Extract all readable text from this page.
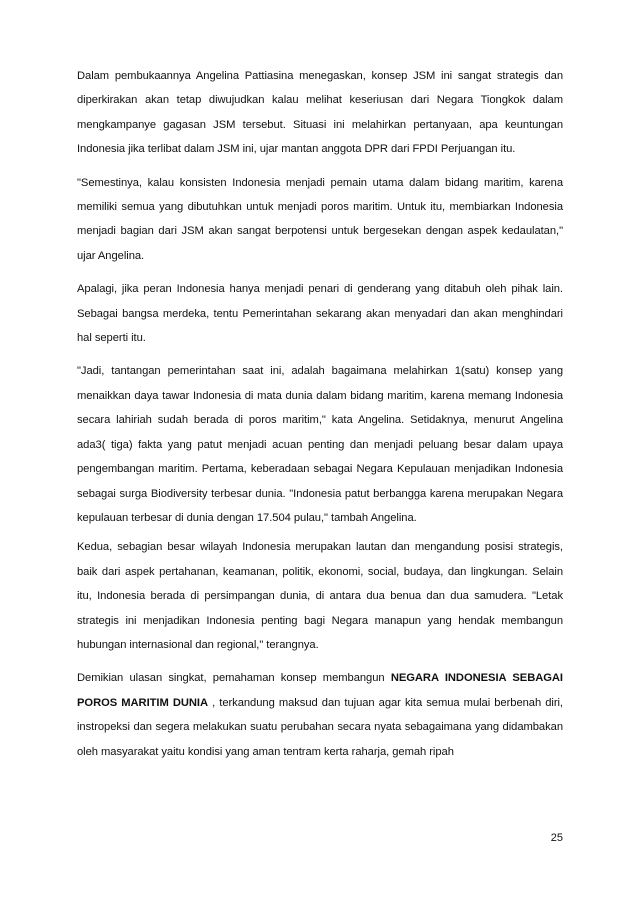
Dalam pembukaannya Angelina Pattiasina menegaskan, konsep JSM ini sangat strategis dan diperkirakan akan tetap diwujudkan kalau melihat keseriusan dari Negara Tiongkok dalam mengkampanye gagasan JSM tersebut. Situasi ini melahirkan pertanyaan, apa keuntungan Indonesia jika terlibat dalam JSM ini, ujar mantan anggota DPR dari FPDI Perjuangan itu.

"Semestinya, kalau konsisten Indonesia menjadi pemain utama dalam bidang maritim, karena memiliki semua yang dibutuhkan untuk menjadi poros maritim. Untuk itu, membiarkan Indonesia menjadi bagian dari JSM akan sangat berpotensi untuk bergesekan dengan aspek kedaulatan," ujar Angelina.

Apalagi, jika peran Indonesia hanya menjadi penari di genderang yang ditabuh oleh pihak lain. Sebagai bangsa merdeka, tentu Pemerintahan sekarang akan menyadari dan akan menghindari hal seperti itu.

"Jadi, tantangan pemerintahan saat ini, adalah bagaimana melahirkan 1(satu) konsep yang menaikkan daya tawar Indonesia di mata dunia dalam bidang maritim, karena memang Indonesia secara lahiriah sudah berada di poros maritim," kata Angelina. Setidaknya, menurut Angelina ada3( tiga) fakta yang patut menjadi acuan penting dan menjadi peluang besar dalam upaya pengembangan maritim. Pertama, keberadaan sebagai Negara Kepulauan menjadikan Indonesia sebagai surga Biodiversity terbesar dunia. "Indonesia patut berbangga karena merupakan Negara kepulauan terbesar di dunia dengan 17.504 pulau," tambah Angelina.

Kedua, sebagian besar wilayah Indonesia merupakan lautan dan mengandung posisi strategis, baik dari aspek pertahanan, keamanan, politik, ekonomi, social, budaya, dan lingkungan. Selain itu, Indonesia berada di persimpangan dunia, di antara dua benua dan dua samudera. "Letak strategis ini menjadikan Indonesia penting bagi Negara manapun yang hendak membangun hubungan internasional dan regional," terangnya.

Demikian ulasan singkat, pemahaman konsep membangun NEGARA INDONESIA SEBAGAI POROS MARITIM DUNIA , terkandung maksud dan tujuan agar kita semua mulai berbenah diri, instropeksi dan segera melakukan suatu perubahan secara nyata sebagaimana yang didambakan oleh masyarakat yaitu kondisi yang aman tentram kerta raharja, gemah ripah

25
